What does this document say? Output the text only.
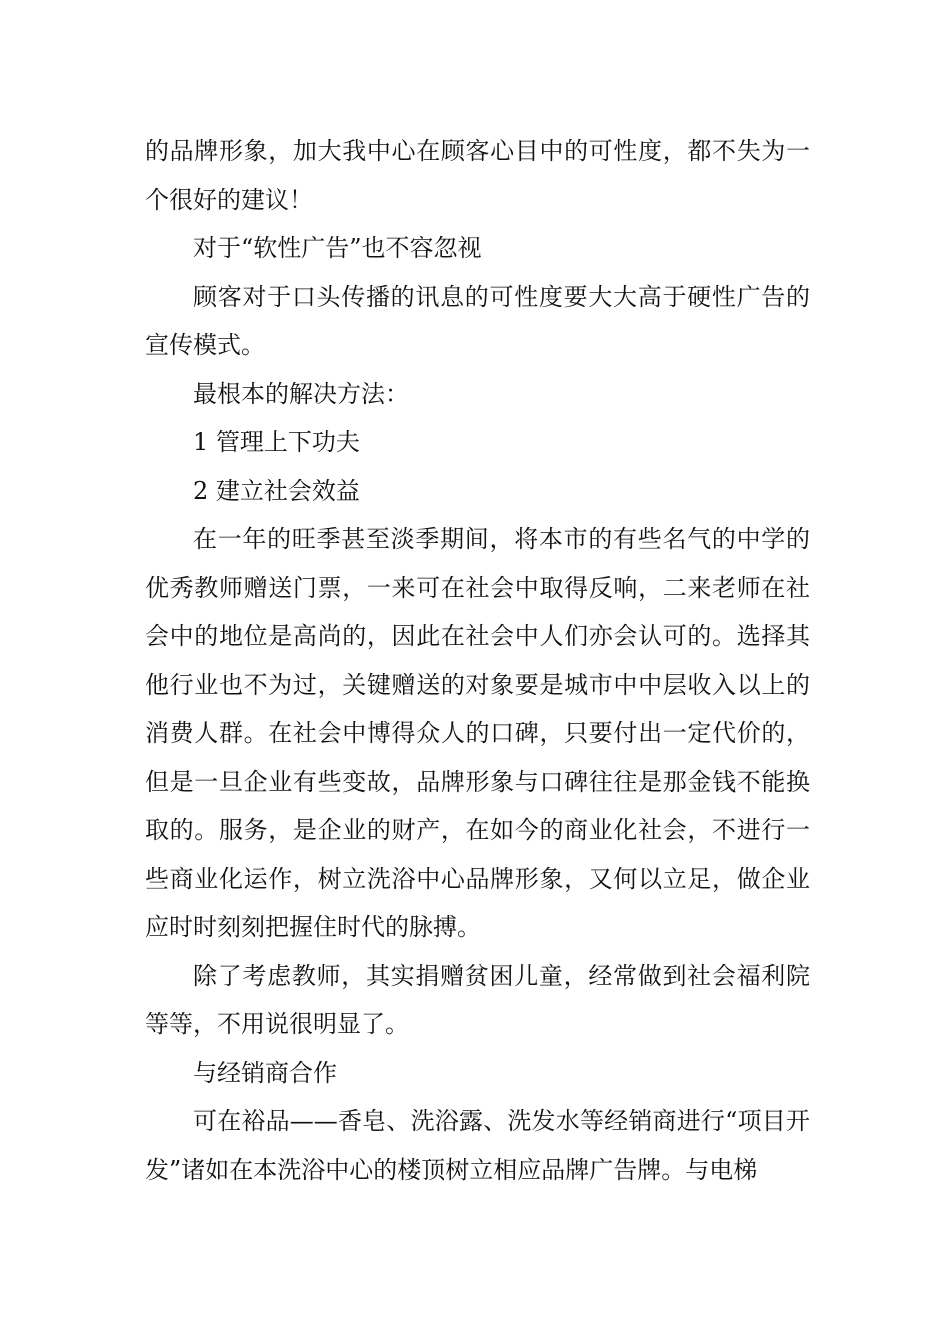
的品牌形象，加大我中心在顾客心目中的可性度，都不失为一个很好的建议！

对于“软性广告”也不容忽视

顾客对于口头传播的讯息的可性度要大大高于硬性广告的宣传模式。

最根本的解决方法：

1 管理上下功夫

2 建立社会效益

在一年的旺季甚至淡季期间，将本市的有些名气的中学的优秀教师赠送门票，一来可在社会中取得反响，二来老师在社会中的地位是高尚的，因此在社会中人们亦会认可的。选择其他行业也不为过，关键赠送的对象要是城市中中层收入以上的消费人群。在社会中博得众人的口碑，只要付出一定代价的，但是一旦企业有些变故，品牌形象与口碑往往是那金钱不能换取的。服务，是企业的财产，在如今的商业化社会，不进行一些商业化运作，树立洗浴中心品牌形象，又何以立足，做企业应时时刻刻把握住时代的脉搏。

除了考虑教师，其实捐赠贫困儿童，经常做到社会福利院等等，不用说很明显了。

与经销商合作

可在裕品——香皂、洗浴露、洗发水等经销商进行“项目开发”诸如在本洗浴中心的楼顶树立相应品牌广告牌。与电梯
